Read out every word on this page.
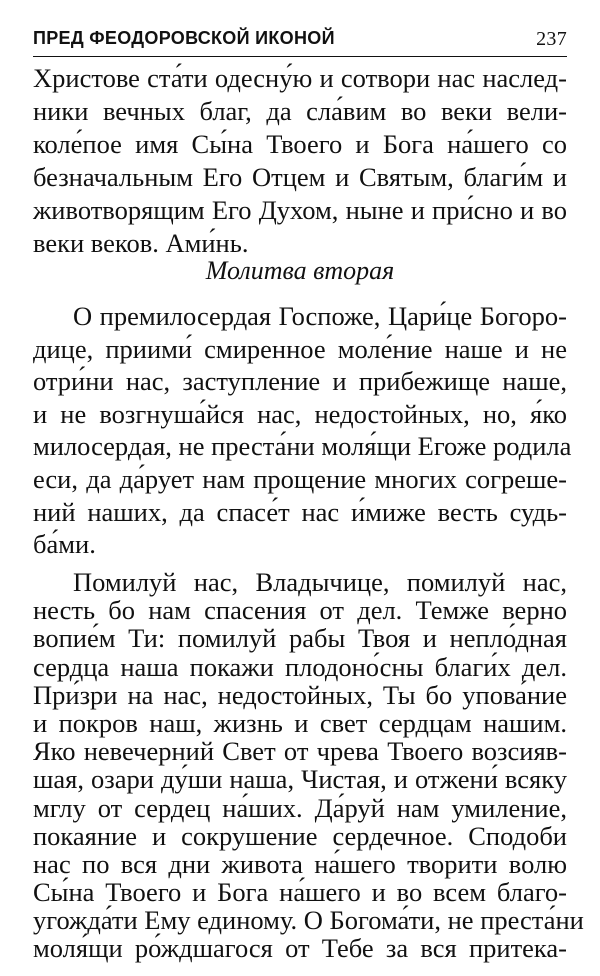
ПРЕД ФЕОДОРОВСКОЙ ИКОНОЙ	237
Христове ста́ти одесну́ю и сотвори нас наслед-
ники вечных благ, да сла́вим во веки вели-
коле́пое имя Сы́на Твоего и Бога на́шего со
безначальным Его Отцем и Святым, благи́м и
животворящим Его Духом, ныне и при́сно и во
веки веков. Ами́нь.
Молитва вторая
О премилосердая Госпоже, Цари́це Богоро-
дице, приими́ смиренное моле́ние наше и не
отри́ни нас, заступление и прибежище наше,
и не возгнуша́йся нас, недостойных, но, я́ко
милосердая, не преста́ни моля́щи Егоже родила
еси, да да́рует нам прощение многих согреше-
ний наших, да спасе́т нас и́миже весть судь-
ба́ми.
Помилуй нас, Владычице, помилуй нас,
несть бо нам спасения от дел. Темже верно
вопие́м Ти: помилуй рабы Твоя и непло́дная
сердца наша покажи плодоно́сны благи́х дел.
При́зри на нас, недостойных, Ты бо упова́ние
и покров наш, жизнь и свет сердцам нашим.
Яко невечерний Свет от чрева Твоего возсияв-
шая, озари ду́ши наша, Чистая, и отжени́ всяку
мглу от сердец на́ших. Да́руй нам умиление,
покаяние и сокрушение сердечное. Сподоби
нас по вся дни живота на́шего творити волю
Сы́на Твоего и Бога на́шего и во всем благо-
угожда́ти Ему единому. О Богома́ти, не преста́ни
моля́щи ро́ждшагося от Тебе за вся притека-
